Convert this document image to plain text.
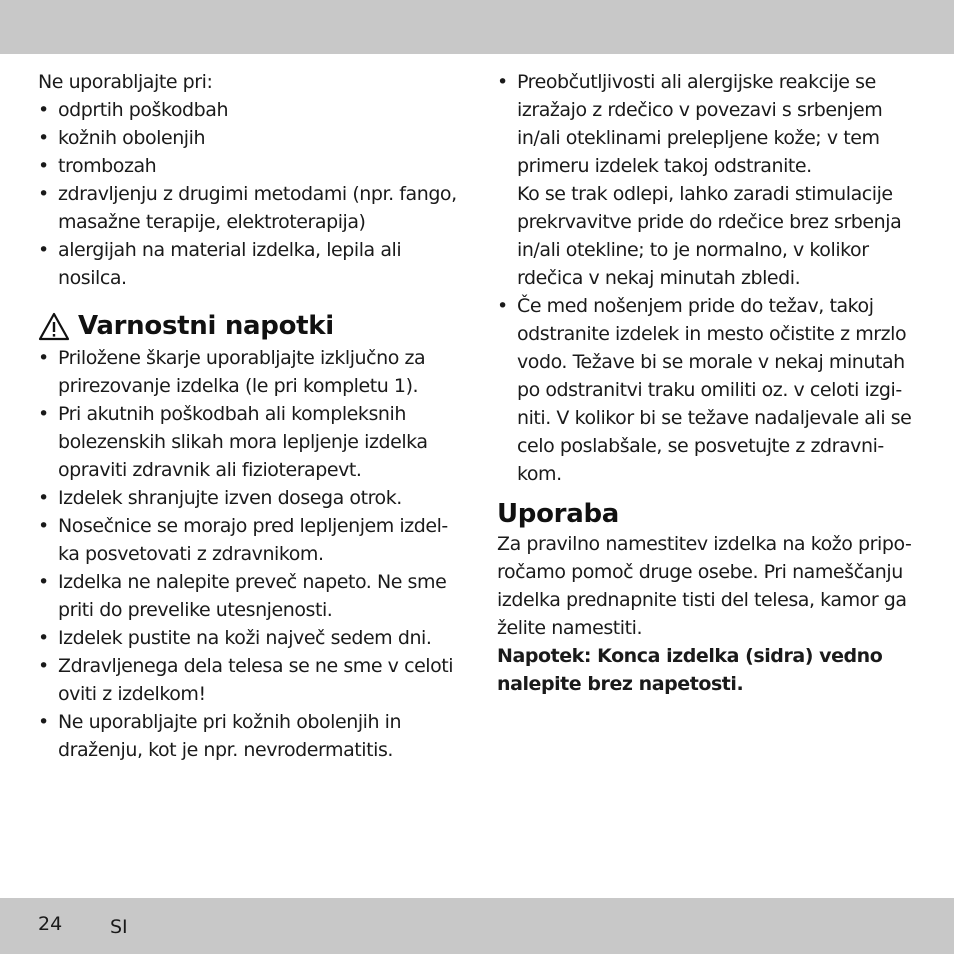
Ne uporabljajte pri:

• odprtih poškodbah
• kožnih obolenjih
• trombozah
• zdravljenju z drugimi metodami (npr. fango, masažne terapije, elektroterapija)
• alergijah na material izdelka, lepila ali nosilca.
Varnostni napotki
• Priložene škarje uporabljajte izključno za prirezovanje izdelka (le pri kompletu 1).
• Pri akutnih poškodbah ali kompleksnih bolezenskih slikah mora lepljenje izdelka opraviti zdravnik ali fizioterapevt.
• Izdelek shranjujte izven dosega otrok.
• Nosečnice se morajo pred lepljenjem izdel-ka posvetovati z zdravnikom.
• Izdelka ne nalepite preveč napeto. Ne sme priti do prevelike utesnjenosti.
• Izdelek pustite na koži največ sedem dni.
• Zdravljenega dela telesa se ne sme v celoti oviti z izdelkom!
• Ne uporabljajte pri kožnih obolenjih in draženju, kot je npr. nevrodermatitis.
• Preobčutljivosti ali alergijske reakcije se izražajo z rdečico v povezavi s srbenjem in/ali oteklinami prelepljene kože; v tem primeru izdelek takoj odstranite.
Ko se trak odlepi, lahko zaradi stimulacije prekrvavitve pride do rdečice brez srbenja in/ali otekline; to je normalno, v kolikor rdečica v nekaj minutah zbledi.
• Če med nošenjem pride do težav, takoj odstranite izdelek in mesto očistite z mrzlo vodo. Težave bi se morale v nekaj minutah po odstranitvi traku omiliti oz. v celoti izgi-niti. V kolikor bi se težave nadaljevale ali se celo poslabšale, se posvetujte z zdravni-kom.
Uporaba

Za pravilno namestitev izdelka na kožo pripo-ročamo pomoč druge osebe. Pri nameščanju izdelka prednapnite tisti del telesa, kamor ga želite namestiti.

Napotek: Konca izdelka (sidra) vedno nalepite brez napetosti.

24	SI
